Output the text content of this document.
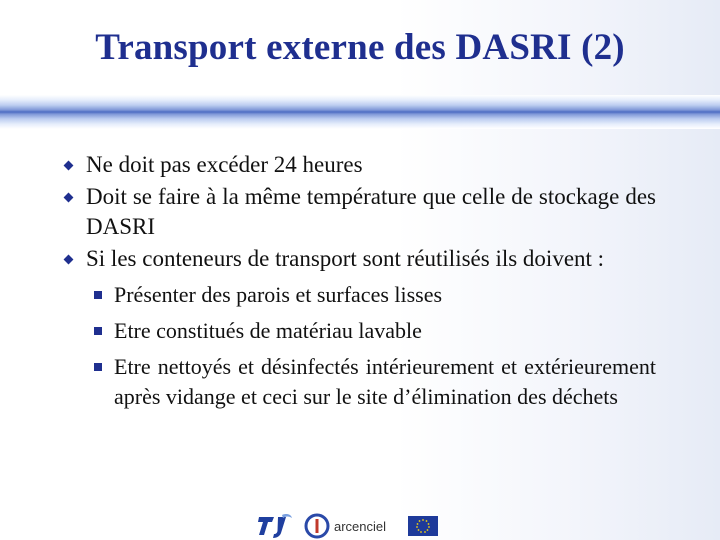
Transport externe des DASRI (2)
Ne doit pas excéder 24 heures
Doit se faire à la même température que celle de stockage des DASRI
Si les conteneurs de transport sont réutilisés ils doivent :
Présenter des parois et surfaces lisses
Etre constitués de matériau lavable
Etre nettoyés et désinfectés intérieurement et extérieurement après vidange et ceci sur le site d’élimination des déchets
arcenciel
